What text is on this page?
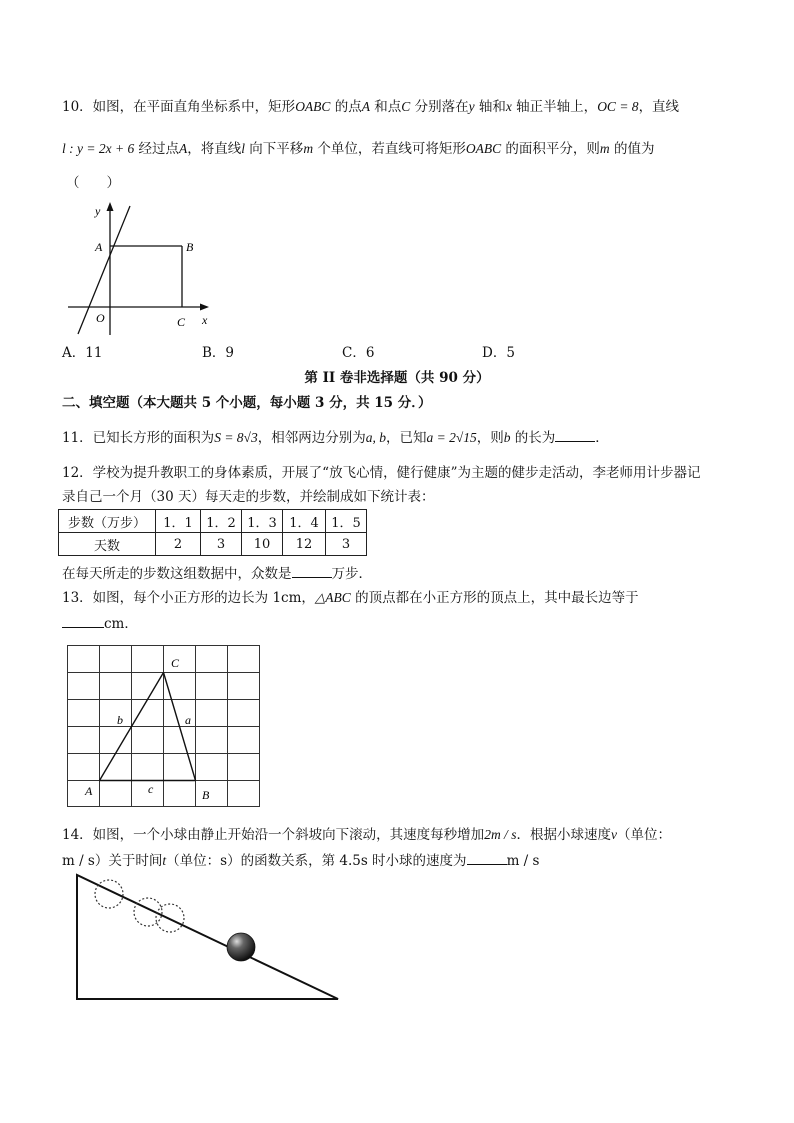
10．如图，在平面直角坐标系中，矩形OABC 的点A 和点C 分别落在y 轴和x 轴正半轴上，OC = 8，直线
l : y = 2x + 6 经过点A，将直线l 向下平移m 个单位，若直线可将矩形OABC 的面积平分，则m 的值为
（　　）
y
x
A	B
O	C
A．11	B．9	C．6	D．5
第 II 卷非选择题（共 90 分）
二、填空题（本大题共 5 个小题，每小题 3 分，共 15 分．）
11．已知长方形的面积为S = 8√3，相邻两边分别为a, b，已知a = 2√15，则b 的长为	．
12．学校为提升教职工的身体素质，开展了“放飞心情，健行健康”为主题的健步走活动，李老师用计步器记
录自己一个月（30 天）每天走的步数，并绘制成如下统计表：
步数（万步）	1．1	1．2	1．3	1．4	1．5
天数	2	3	10	12	3
在每天所走的步数这组数据中，众数是	万步．
13．如图，每个小正方形的边长为 1cm，△ABC 的顶点都在小正方形的顶点上，其中最长边等于
cm．
C
A	B
a
b
c
14．如图，一个小球由静止开始沿一个斜坡向下滚动，其速度每秒增加2m / s．根据小球速度v（单位：
m / s）关于时间t（单位：s）的函数关系，第 4.5s 时小球的速度为	m / s
